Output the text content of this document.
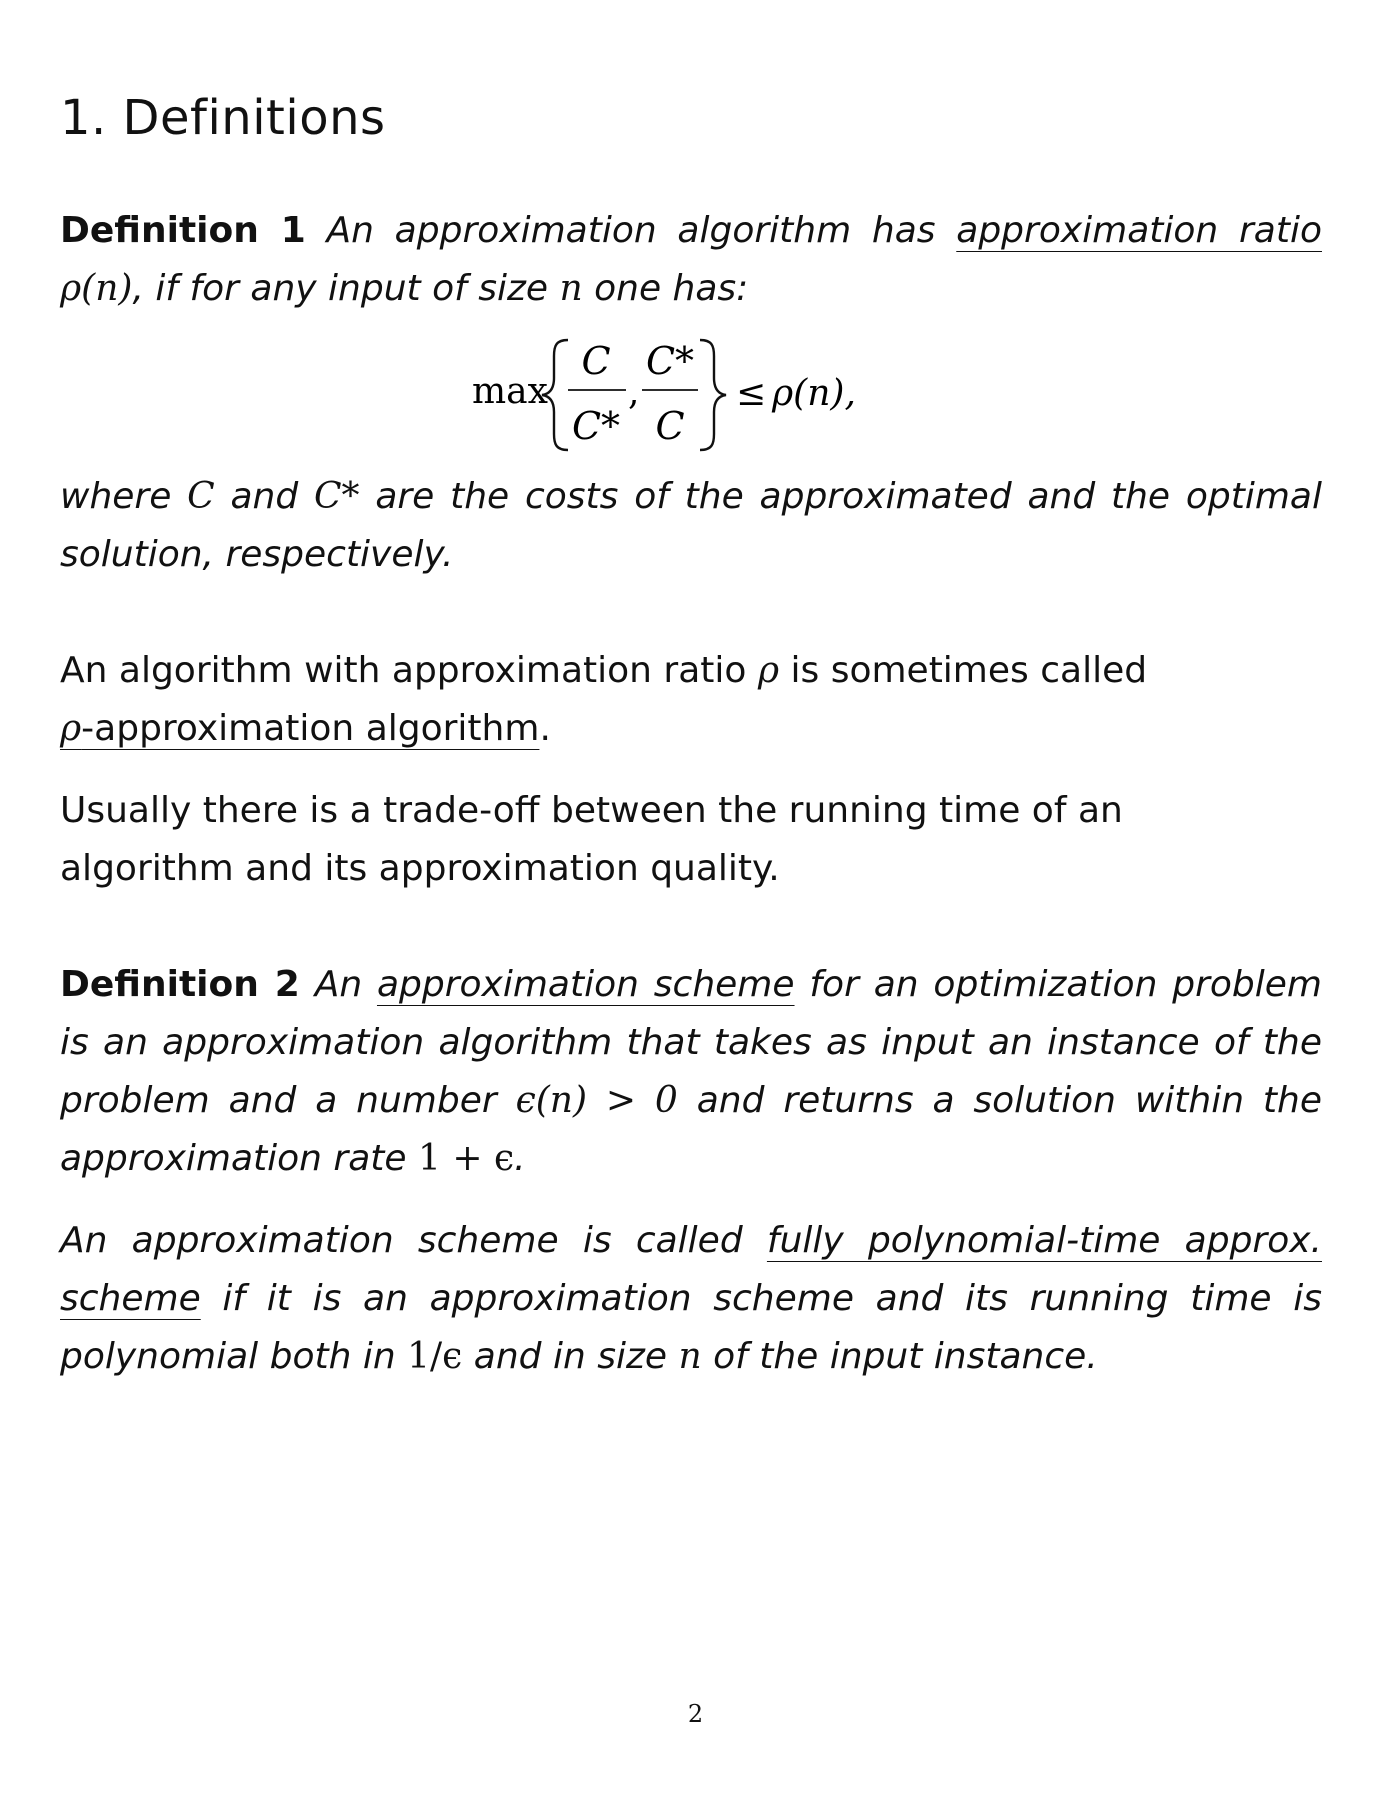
1. Definitions

Definition 1 An approximation algorithm has approximation ratio ρ(n), if for any input of size n one has:

max
C
C*
,
C*
C
≤ ρ(n),

where C and C* are the costs of the approximated and the optimal solution, respectively.

An algorithm with approximation ratio ρ is sometimes called
ρ-approximation algorithm.

Usually there is a trade-off between the running time of an algorithm and its approximation quality.

Definition 2 An approximation scheme for an optimization problem is an approximation algorithm that takes as input an instance of the problem and a number ϵ(n) > 0 and returns a solution within the approximation rate 1 + ϵ.

An approximation scheme is called fully polynomial-time approx. scheme if it is an approximation scheme and its running time is polynomial both in 1/ϵ and in size n of the input instance.

2
